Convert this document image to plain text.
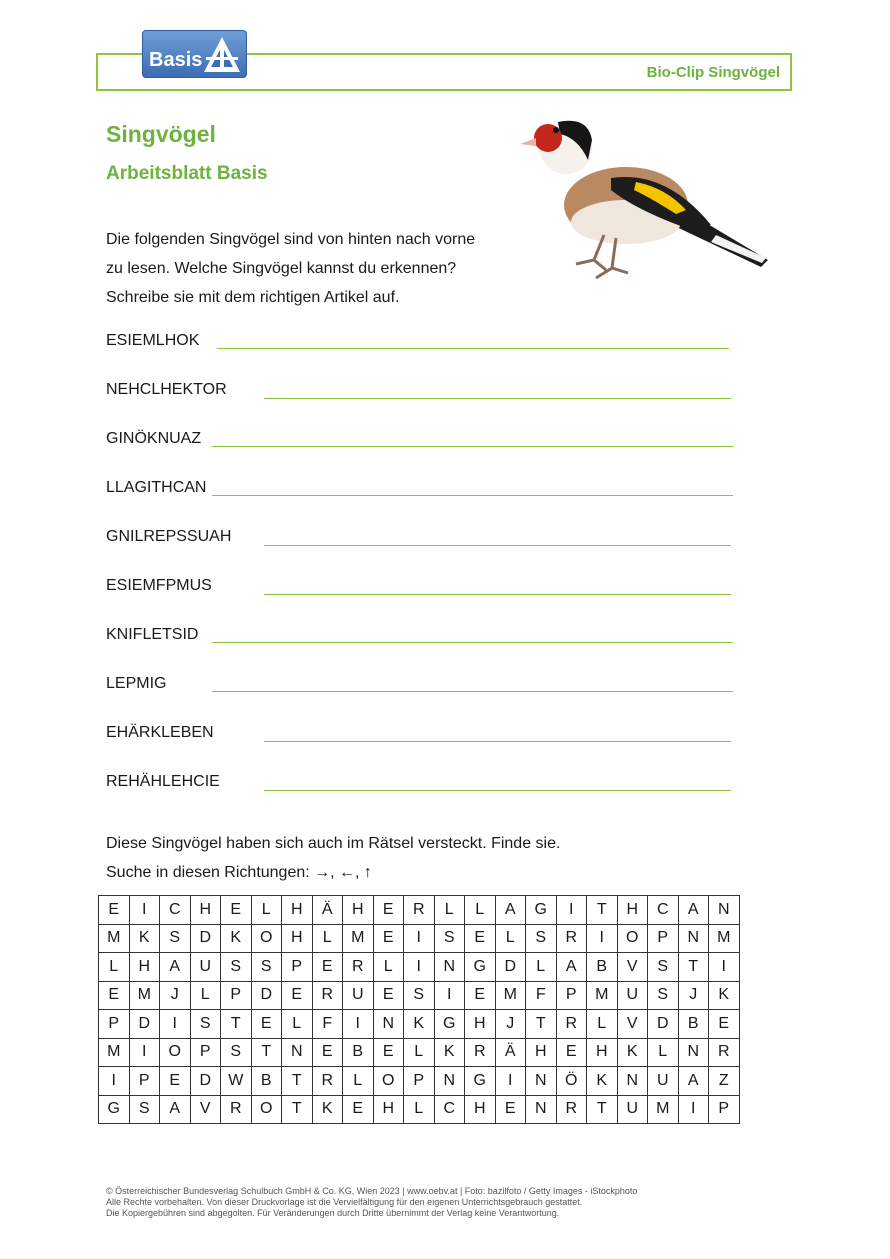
Bio-Clip Singvögel
Basis
Singvögel
Arbeitsblatt Basis
Die folgenden Singvögel sind von hinten nach vorne
zu lesen. Welche Singvögel kannst du erkennen?
Schreibe sie mit dem richtigen Artikel auf.
ESIEMLHOK
NEHCLHEKTOR
GINÖKNUAZ
LLAGITHCAN
GNILREPSSUAH
ESIEMFPMUS
KNIFLETSID
LEPMIG
EHÄRKLEBEN
REHÄHLEHCIE
Diese Singvögel haben sich auch im Rätsel versteckt. Finde sie.
Suche in diesen Richtungen: →, ←, ↑
E	I	C	H	E	L	H	Ä	H	E	R	L	L	A	G	I	T	H	C	A	N
M	K	S	D	K	O	H	L	M	E	I	S	E	L	S	R	I	O	P	N	M
L	H	A	U	S	S	P	E	R	L	I	N	G	D	L	A	B	V	S	T	I
E	M	J	L	P	D	E	R	U	E	S	I	E	M	F	P	M	U	S	J	K
P	D	I	S	T	E	L	F	I	N	K	G	H	J	T	R	L	V	D	B	E
M	I	O	P	S	T	N	E	B	E	L	K	R	Ä	H	E	H	K	L	N	R
I	P	E	D	W	B	T	R	L	O	P	N	G	I	N	Ö	K	N	U	A	Z
G	S	A	V	R	O	T	K	E	H	L	C	H	E	N	R	T	U	M	I	P
© Österreichischer Bundesverlag Schulbuch GmbH & Co. KG, Wien 2023 | www.oebv.at | Foto: bazilfoto / Getty Images - iStockphoto
Alle Rechte vorbehalten. Von dieser Druckvorlage ist die Vervielfältigung für den eigenen Unterrichtsgebrauch gestattet.
Die Kopiergebühren sind abgegolten. Für Veränderungen durch Dritte übernimmt der Verlag keine Verantwortung.
